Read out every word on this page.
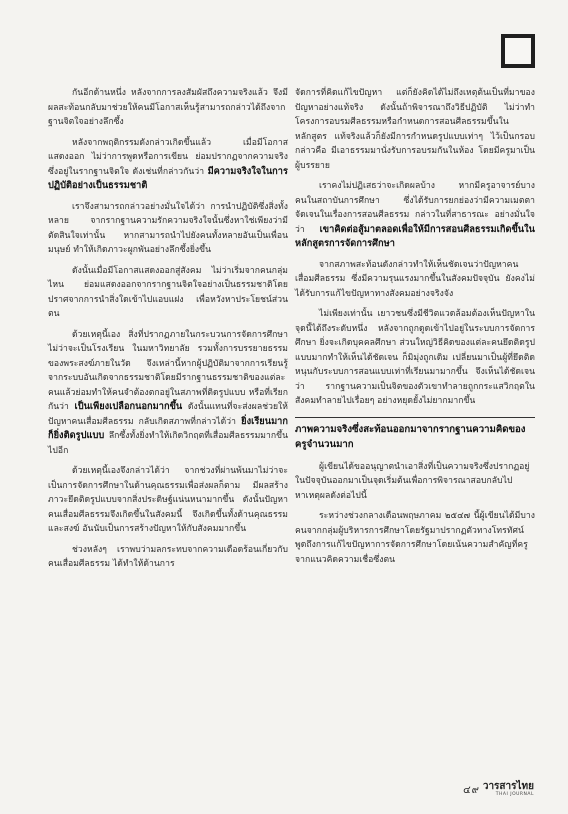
กันอีกด้านหนึ่ง หลังจากการลงสัมผัสถึงความจริงแล้ว จึงมีผลสะท้อนกลับมาช่วยให้คนมีโอกาสเห็นรู้สามารถกล่าวได้ถึงจากฐานจิตใจอย่างลึกซึ้ง

หลังจากพฤติกรรมดังกล่าวเกิดขึ้นแล้ว เมื่อมีโอกาสแสดงออก ไม่ว่าการพูดหรือการเขียน ย่อมปรากฏจากความจริง ซึ่งอยู่ในรากฐานจิตใจ ดังเช่นที่กล่าวกันว่า มีความจริงใจในการปฏิบัติอย่างเป็นธรรมชาติ

เราจึงสามารถกล่าวอย่างมั่นใจได้ว่า การนำปฏิบัติซึ่งสิ่งทั้งหลาย จากรากฐานความรักความจริงใจนั้นซึ่งหาใช่เพียงว่ามีตัดสินใจเท่านั้น หากสามารถนำไปยังคนทั้งหลายอันเป็นเพื่อนมนุษย์ ทำให้เกิดภาวะผูกพันอย่างลึกซึ้งยิ่งขึ้น

ดังนั้นเมื่อมีโอกาสแสดงออกสู่สังคม ไม่ว่าเริ่มจากคนกลุ่มไหน ย่อมแสดงออกจากรากฐานจิตใจอย่างเป็นธรรมชาติโดยปราศจากการนำสิ่งใดเข้าไปแอบแฝง เพื่อหวังหาประโยชน์ส่วนตน

ด้วยเหตุนี้เอง สิ่งที่ปรากฏภายในกระบวนการจัดการศึกษา ไม่ว่าจะเป็นโรงเรียน ในมหาวิทยาลัย รวมทั้งการบรรยายธรรมของพระสงฆ์ภายในวัด จึงเหล่านี้หากผู้ปฏิบัติมาจากการเรียนรู้จากระบบอันเกิดจากธรรมชาติโดยมีรากฐานธรรมชาติของแต่ละคนแล้วย่อมทำให้คนจำต้องตกอยู่ในสภาพที่ติดรูปแบบ หรือที่เรียกกันว่า เป็นเพียงเปลือกนอกมากขึ้น ดังนั้นแทนที่จะส่งผลช่วยให้ปัญหาคนเสื่อมศีลธรรม กลับเกิดสภาพที่กล่าวได้ว่า ยิ่งเรียนมากก็ยิ่งติดรูปแบบ ลึกซึ้งทั้งยิ่งทำให้เกิดวิกฤตที่เสื่อมศีลธรรมมากขึ้นไปอีก

ด้วยเหตุนี้เองจึงกล่าวได้ว่า จากช่วงที่ผ่านพ้นมาไม่ว่าจะเป็นการจัดการศึกษาในด้านคุณธรรมเพื่อส่งผลก็ตาม มีผลสร้างภาวะยึดติดรูปแบบจากสิ่งประดิษฐ์แน่นหนามากขึ้น ดังนั้นปัญหาคนเสื่อมศีลธรรมจึงเกิดขึ้นในสังคมนี้ จึงเกิดขึ้นทั้งด้านคุณธรรมและสงฆ์ อันนับเป็นการสร้างปัญหาให้กับสังคมมากขึ้น

ช่วงหลังๆ เราพบว่ามลกระทบจากความเดือดร้อนเกี่ยวกับคนเสื่อมศีลธรรม ได้ทำให้ด้านการ

จัดการที่คิดแก้ไขปัญหา แต่ก็ยังคิดได้ไม่ถึงเหตุต้นเป็นที่มาของปัญหาอย่างแท้จริง ดังนั้นถ้าพิจารณาถึงวิธีปฏิบัติ ไม่ว่าทำโครงการอบรมศีลธรรมหรือกำหนดการสอนศีลธรรมขึ้นในหลักสูตร แท้จริงแล้วก็ยังมีการกำหนดรูปแบบเท่าๆ ไว้เป็นกรอบ กล่าวคือ มีเอาธรรมมานั่งรับการอบรมกันในห้อง โดยมีครูมาเป็นผู้บรรยาย

เราคงไม่ปฏิเสธว่าจะเกิดผลบ้าง หากมีครูอาจารย์บางคนในสถาบันการศึกษา ซึ่งได้รับการยกย่องว่ามีความเมตตาจัดเจนในเรื่องการสอนศีลธรรม กล่าวในที่สาธารณะ อย่างมั่นใจว่า เขาคิดต่อสู้มาตลอดเพื่อให้มีการสอนศีลธรรมเกิดขึ้นในหลักสูตรการจัดการศึกษา

จากสภาพสะท้อนดังกล่าวทำให้เห็นชัดเจนว่าปัญหาคนเสื่อมศีลธรรม ซึ่งมีความรุนแรงมากขึ้นในสังคมปัจจุบัน ยังคงไม่ได้รับการแก้ไขปัญหาทางสังคมอย่างจริงจัง

ไม่เพียงเท่านั้น เยาวชนซึ่งมีชีวิตแวดล้อมต้องเห็นปัญหาในจุดนี้ได้ถึงระดับหนึ่ง หลังจากถูกดูดเข้าไปอยู่ในระบบการจัดการศึกษา ยิ่งจะเกิดบุคคลศึกษา ส่วนใหญ่วิธีคิดของแต่ละคนยึดติดรูปแบบมากทำให้เห็นได้ชัดเจน ก็มิมุ่งถูกเดิม เปลี่ยนมาเป็นผู้ที่ยึดติดหนุนกับระบบการสอนแบบเท่าที่เรียนมามากขึ้น จึงเห็นได้ชัดเจนว่า รากฐานความเป็นจิตของตัวเขาทำลายถูกกระแสวิกฤตในสังคมทำลายไปเรื่อยๆ อย่างหยุดยั้งไม่ยากมากขึ้น

ภาพความจริงซึ่งสะท้อนออกมาจากรากฐานความคิดของครูจำนวนมาก

ผู้เขียนได้ขออนุญาตนำเอาสิ่งที่เป็นความจริงซึ่งปรากฏอยู่ในปัจจุบันออกมาเป็นจุดเริ่มต้นเพื่อการพิจารณาสอบกลับไปหาเหตุผลดังต่อไปนี้

ระหว่างช่วงกลางเดือนพฤษภาคม ๒๕๔๗ นี้ผู้เขียนได้มีบางคนจากกลุ่มผู้บริหารการศึกษาโดยรัฐมาปรากฏตัวทางโทรทัศน์ พูดถึงการแก้ไขปัญหาการจัดการศึกษาโดยเน้นความสำคัญที่ครู จากแนวคิดความเชื่อซึ่งตน

๔๙ วารสารไทย
THAI JOURNAL
